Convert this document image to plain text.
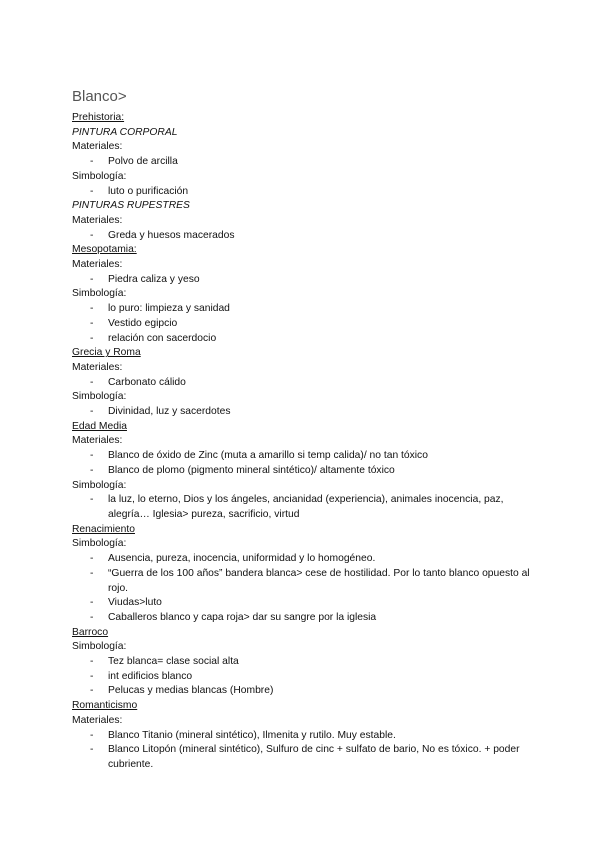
Blanco>
Prehistoria:
PINTURA CORPORAL
Materiales:
- Polvo de arcilla
Simbología:
- luto o purificación
PINTURAS RUPESTRES
Materiales:
- Greda y huesos macerados
Mesopotamia:
Materiales:
- Piedra caliza y yeso
Simbología:
- lo puro: limpieza y sanidad
- Vestido egipcio
- relación con sacerdocio
Grecia y Roma
Materiales:
- Carbonato cálido
Simbología:
- Divinidad, luz y sacerdotes
Edad Media
Materiales:
- Blanco de óxido de Zinc (muta a amarillo si temp calida)/ no tan tóxico
- Blanco de plomo (pigmento mineral sintético)/ altamente tóxico
Simbología:
- la luz, lo eterno, Dios y los ángeles, ancianidad (experiencia), animales inocencia, paz, alegría… Iglesia> pureza, sacrificio, virtud
Renacimiento
Simbología:
- Ausencia, pureza, inocencia, uniformidad y lo homogéneo.
- “Guerra de los 100 años” bandera blanca> cese de hostilidad. Por lo tanto blanco opuesto al rojo.
- Viudas>luto
- Caballeros blanco y capa roja> dar su sangre por la iglesia
Barroco
Simbología:
- Tez blanca= clase social alta
- int edificios blanco
- Pelucas y medias blancas (Hombre)
Romanticismo
Materiales:
- Blanco Titanio (mineral sintético), Ilmenita y rutilo. Muy estable.
- Blanco Litopón (mineral sintético), Sulfuro de cinc + sulfato de bario, No es tóxico. + poder cubriente.
